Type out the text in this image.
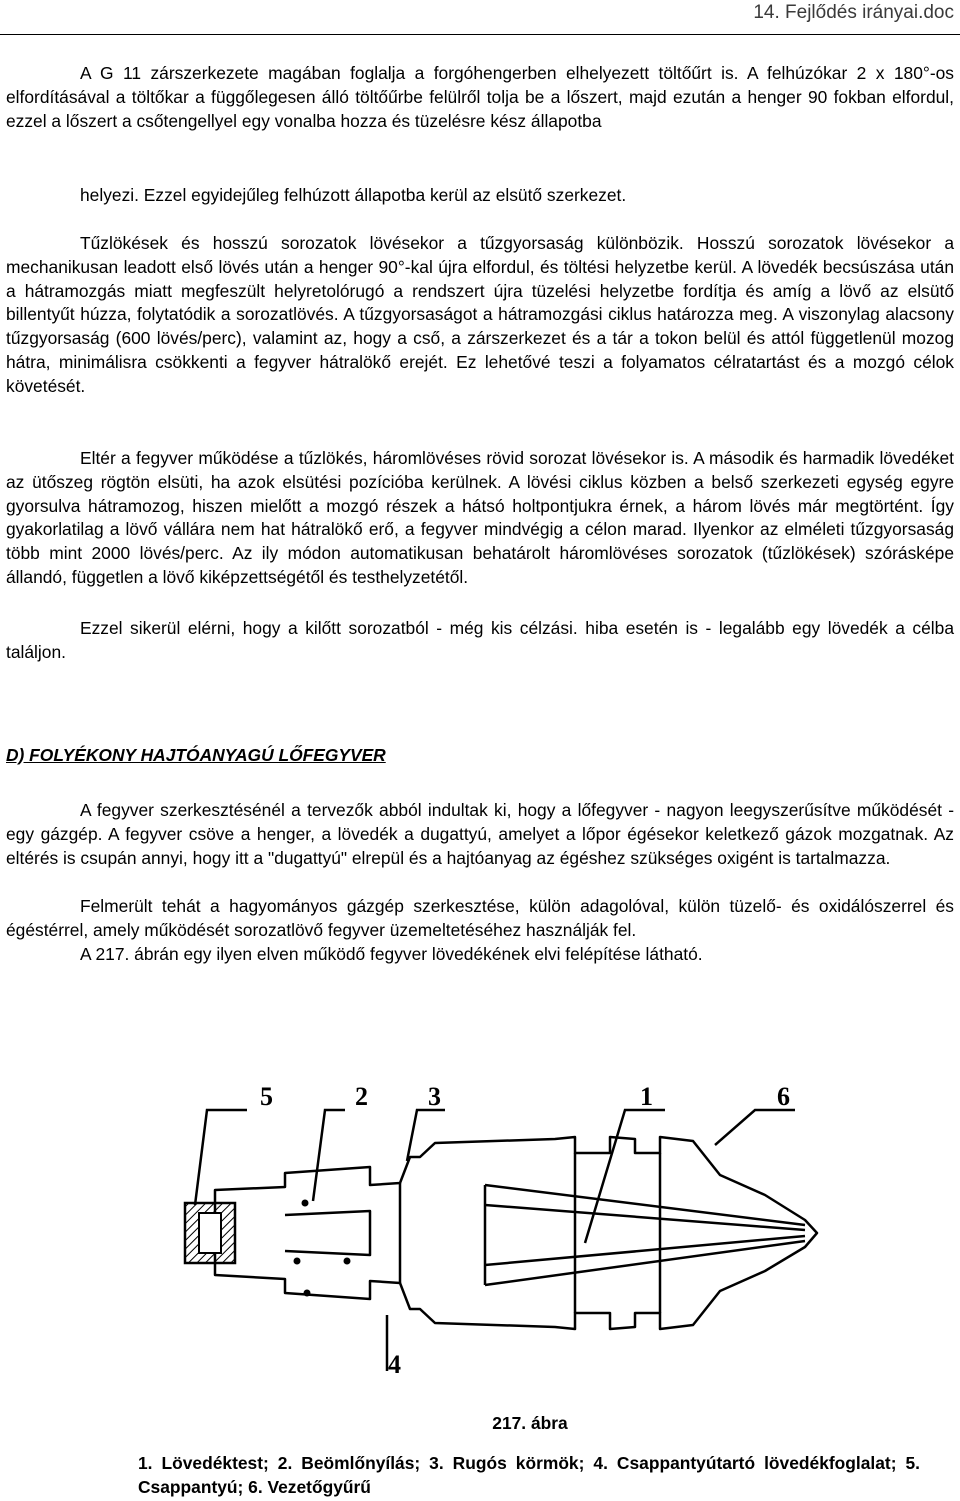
14. Fejlődés irányai.doc

A G 11 zárszerkezete magában foglalja a forgóhengerben elhelyezett töltőűrt is. A felhúzókar 2 x 180°-os elfordításával a töltőkar a függőlegesen álló töltőűrbe felülről tolja be a lőszert, majd ezután a henger 90 fokban elfordul, ezzel a lőszert a csőtengellyel egy vonalba hozza és tüzelésre kész állapotba

helyezi. Ezzel egyidejűleg felhúzott állapotba kerül az elsütő szerkezet.

Tűzlökések és hosszú sorozatok lövésekor a tűzgyorsaság különbözik. Hosszú sorozatok lövésekor a mechanikusan leadott első lövés után a henger 90°-kal újra elfordul, és töltési helyzetbe kerül. A lövedék becsúszása után a hátramozgás miatt megfeszült helyretolórugó a rendszert újra tüzelési helyzetbe fordítja és amíg a lövő az elsütő billentyűt húzza, folytatódik a sorozatlövés. A tűzgyorsaságot a hátramozgási ciklus határozza meg. A viszonylag alacsony tűzgyorsaság (600 lövés/perc), valamint az, hogy a cső, a zárszerkezet és a tár a tokon belül és attól függetlenül mozog hátra, minimálisra csökkenti a fegyver hátralökő erejét. Ez lehetővé teszi a folyamatos célratartást és a mozgó célok követését.

Eltér a fegyver működése a tűzlökés, háromlövéses rövid sorozat lövésekor is. A második és harmadik lövedéket az ütőszeg rögtön elsüti, ha azok elsütési pozícióba kerülnek. A lövési ciklus közben a belső szerkezeti egység egyre gyorsulva hátramozog, hiszen mielőtt a mozgó részek a hátsó holtpontjukra érnek, a három lövés már megtörtént. Így gyakorlatilag a lövő vállára nem hat hátralökő erő, a fegyver mindvégig a célon marad. Ilyenkor az elméleti tűzgyorsaság több mint 2000 lövés/perc. Az ily módon automatikusan behatárolt háromlövéses sorozatok (tűzlökések) szórásképe állandó, független a lövő kiképzettségétől és testhelyzetétől.

Ezzel sikerül elérni, hogy a kilőtt sorozatból - még kis célzási. hiba esetén is - legalább egy lövedék a célba találjon.

D) FOLYÉKONY HAJTÓANYAGÚ LŐFEGYVER

A fegyver szerkesztésénél a tervezők abból indultak ki, hogy a lőfegyver - nagyon leegyszerűsítve működését - egy gázgép. A fegyver csöve a henger, a lövedék a dugattyú, amelyet a lőpor égésekor keletkező gázok mozgatnak. Az eltérés is csupán annyi, hogy itt a "dugattyú" elrepül és a hajtóanyag az égéshez szükséges oxigént is tartalmazza.

Felmerült tehát a hagyományos gázgép szerkesztése, külön adagolóval, külön tüzelő- és oxidálószerrel és égéstérrel, amely működését sorozatlövő fegyver üzemeltetéséhez használják fel.

A 217. ábrán egy ilyen elven működő fegyver lövedékének elvi felépítése látható.

5	2 3	1	6
4
217. ábra

1. Lövedéktest; 2. Beömlőnyílás; 3. Rugós körmök; 4. Csappantyútartó lövedékfoglalat; 5. Csappantyú; 6. Vezetőgyűrű
